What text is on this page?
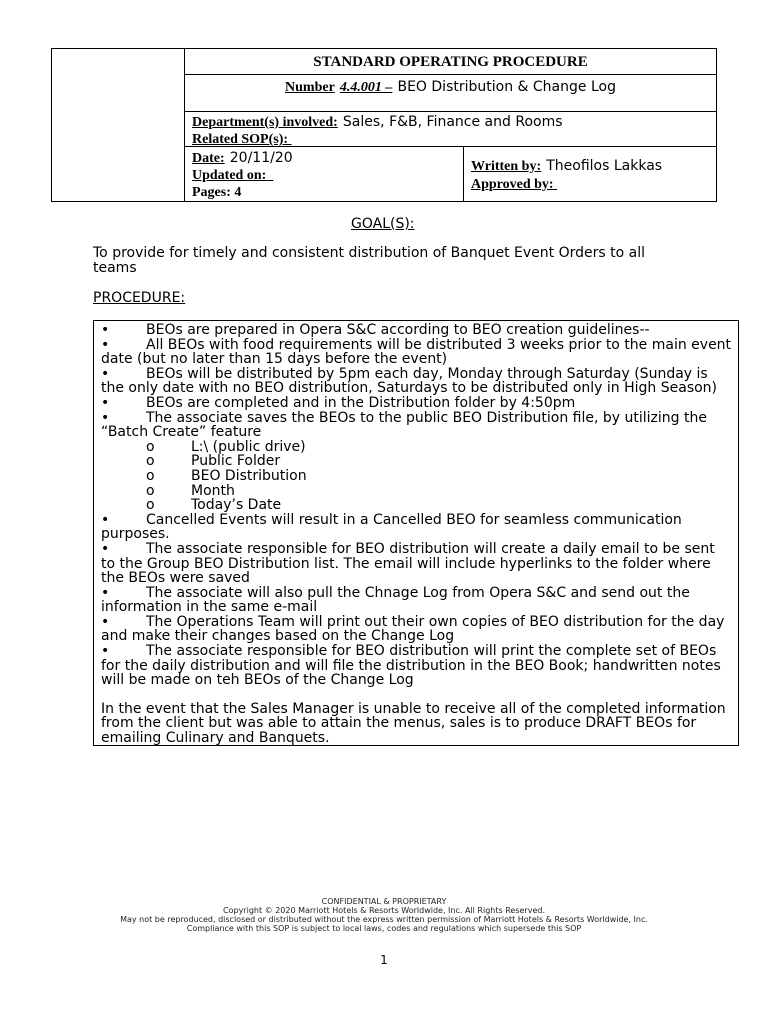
STANDARD OPERATING PROCEDURE
Number 4.4.001 – BEO Distribution & Change Log
Department(s) involved: Sales, F&B, Finance and Rooms
Related SOP(s):
Date: 20/11/20
Updated on:
Pages: 4
Written by: Theofilos Lakkas
Approved by:
GOAL(S):
To provide for timely and consistent distribution of Banquet Event Orders to all teams
PROCEDURE:
•	BEOs are prepared in Opera S&C according to BEO creation guidelines--
•	All BEOs with food requirements will be distributed 3 weeks prior to the main event date (but no later than 15 days before the event)
•	BEOs will be distributed by 5pm each day, Monday through Saturday (Sunday is the only date with no BEO distribution, Saturdays to be distributed only in High Season)
•	BEOs are completed and in the Distribution folder by 4:50pm
•	The associate saves the BEOs to the public BEO Distribution file, by utilizing the “Batch Create” feature
o	L:\ (public drive)
o	Public Folder
o	BEO Distribution
o	Month
o	Today’s Date
•	Cancelled Events will result in a Cancelled BEO for seamless communication purposes.
•	The associate responsible for BEO distribution will create a daily email to be sent to the Group BEO Distribution list. The email will include hyperlinks to the folder where the BEOs were saved
•	The associate will also pull the Chnage Log from Opera S&C and send out the information in the same e-mail
•	The Operations Team will print out their own copies of BEO distribution for the day and make their changes based on the Change Log
•	The associate responsible for BEO distribution will print the complete set of BEOs for the daily distribution and will file the distribution in the BEO Book; handwritten notes will be made on teh BEOs of the Change Log
In the event that the Sales Manager is unable to receive all of the completed information from the client but was able to attain the menus, sales is to produce DRAFT BEOs for emailing Culinary and Banquets.
CONFIDENTIAL & PROPRIETARY
Copyright © 2020 Marriott Hotels & Resorts Worldwide, Inc. All Rights Reserved.
May not be reproduced, disclosed or distributed without the express written permission of Marriott Hotels & Resorts Worldwide, Inc.
Compliance with this SOP is subject to local laws, codes and regulations which supersede this SOP
1
